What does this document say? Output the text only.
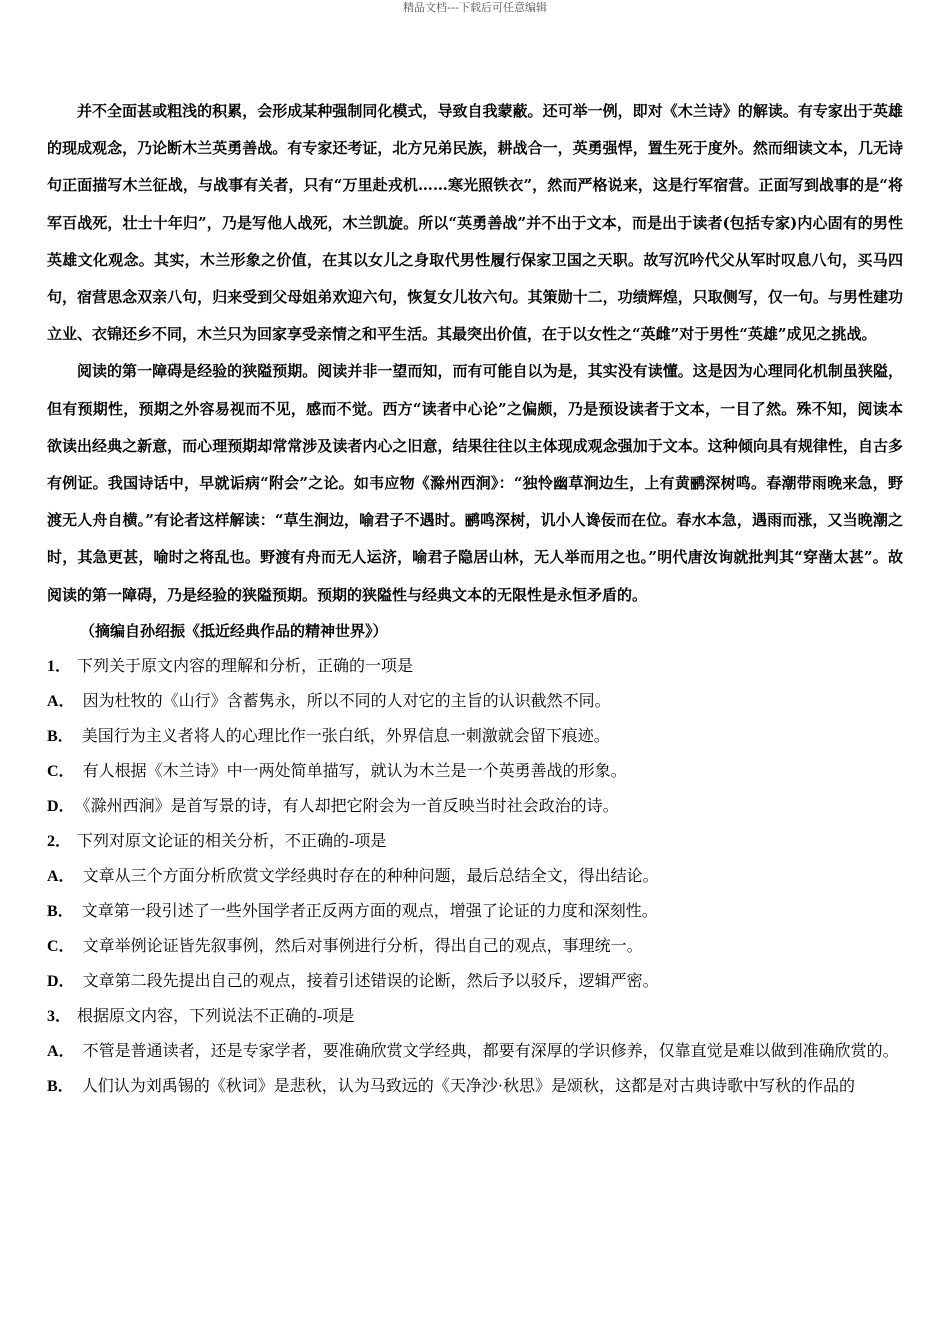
精品文档---下载后可任意编辑

并不全面甚或粗浅的积累，会形成某种强制同化模式，导致自我蒙蔽。还可举一例，即对《木兰诗》的解读。有专家出于英雄的现成观念，乃论断木兰英勇善战。有专家还考证，北方兄弟民族，耕战合一，英勇强悍，置生死于度外。然而细读文本，几无诗句正面描写木兰征战，与战事有关者，只有“万里赴戎机……寒光照铁衣”，然而严格说来，这是行军宿营。正面写到战事的是“将军百战死，壮士十年归”，乃是写他人战死，木兰凯旋。所以“英勇善战”并不出于文本，而是出于读者(包括专家)内心固有的男性英雄文化观念。其实，木兰形象之价值，在其以女儿之身取代男性履行保家卫国之天职。故写沉吟代父从军时叹息八句，买马四句，宿营思念双亲八句，归来受到父母姐弟欢迎六句，恢复女儿妆六句。其策勋十二，功绩辉煌，只取侧写，仅一句。与男性建功立业、衣锦还乡不同，木兰只为回家享受亲情之和平生活。其最突出价值，在于以女性之“英雌”对于男性“英雄”成见之挑战。

阅读的第一障碍是经验的狭隘预期。阅读并非一望而知，而有可能自以为是，其实没有读懂。这是因为心理同化机制虽狭隘，但有预期性，预期之外容易视而不见，感而不觉。西方“读者中心论”之偏颇，乃是预设读者于文本，一目了然。殊不知，阅读本欲读出经典之新意，而心理预期却常常涉及读者内心之旧意，结果往往以主体现成观念强加于文本。这种倾向具有规律性，自古多有例证。我国诗话中，早就诟病“附会”之论。如韦应物《滁州西涧》：“独怜幽草涧边生，上有黄鹂深树鸣。春潮带雨晚来急，野渡无人舟自横。”有论者这样解读：“草生涧边，喻君子不遇时。鹂鸣深树，讥小人谗佞而在位。春水本急，遇雨而涨，又当晚潮之时，其急更甚，喻时之将乱也。野渡有舟而无人运济，喻君子隐居山林，无人举而用之也。”明代唐汝询就批判其“穿凿太甚”。故阅读的第一障碍，乃是经验的狭隘预期。预期的狭隘性与经典文本的无限性是永恒矛盾的。

（摘编自孙绍振《抵近经典作品的精神世界》）

1． 下列关于原文内容的理解和分析，正确的一项是

A． 因为杜牧的《山行》含蓄隽永，所以不同的人对它的主旨的认识截然不同。

B． 美国行为主义者将人的心理比作一张白纸，外界信息一刺激就会留下痕迹。

C． 有人根据《木兰诗》中一两处简单描写，就认为木兰是一个英勇善战的形象。

D． 《滁州西涧》是首写景的诗，有人却把它附会为一首反映当时社会政治的诗。

2． 下列对原文论证的相关分析，不正确的-项是

A． 文章从三个方面分析欣赏文学经典时存在的种种问题，最后总结全文，得出结论。

B． 文章第一段引述了一些外国学者正反两方面的观点，增强了论证的力度和深刻性。

C． 文章举例论证皆先叙事例，然后对事例进行分析，得出自己的观点，事理统一。

D． 文章第二段先提出自己的观点，接着引述错误的论断，然后予以驳斥，逻辑严密。

3． 根据原文内容，下列说法不正确的-项是

A． 不管是普通读者，还是专家学者，要准确欣赏文学经典，都要有深厚的学识修养，仅靠直觉是难以做到准确欣赏的。

B． 人们认为刘禹锡的《秋词》是悲秋，认为马致远的《天净沙·秋思》是颂秋，这都是对古典诗歌中写秋的作品的
